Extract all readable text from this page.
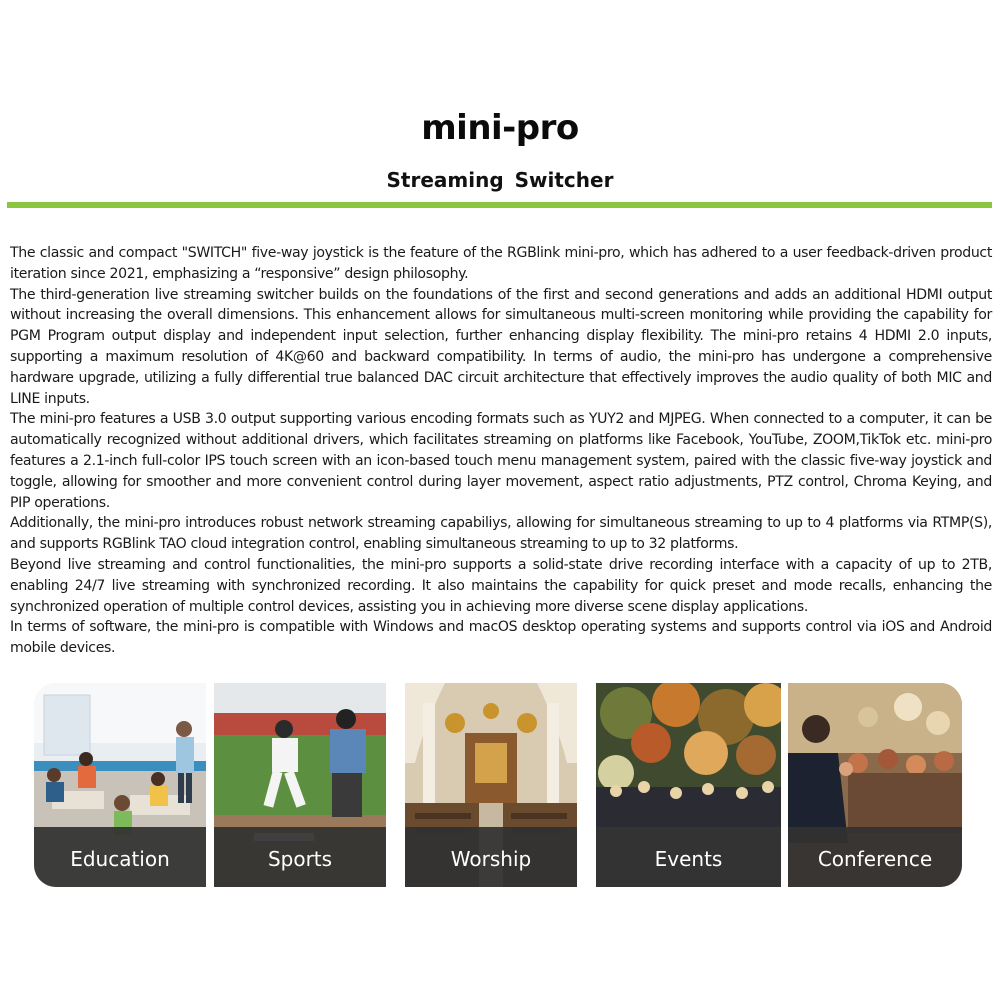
mini-pro
Streaming Switcher

The classic and compact "SWITCH" five-way joystick is the feature of the RGBlink mini-pro, which has adhered to a user feedback-driven product iteration since 2021, emphasizing a “responsive” design philosophy.

The third-generation live streaming switcher builds on the foundations of the first and second generations and adds an additional HDMI output without increasing the overall dimensions. This enhancement allows for simultaneous multi-screen monitoring while providing the capability for PGM Program output display and independent input selection, further enhancing display flexibility. The mini-pro retains 4 HDMI 2.0 inputs, supporting a maximum resolution of 4K@60 and backward compatibility. In terms of audio, the mini-pro has undergone a comprehensive hardware upgrade, utilizing a fully differential true balanced DAC circuit architecture that effectively improves the audio quality of both MIC and LINE inputs.

The mini-pro features a USB 3.0 output supporting various encoding formats such as YUY2 and MJPEG. When connected to a computer, it can be automatically recognized without additional drivers, which facilitates streaming on platforms like Facebook, YouTube, ZOOM,TikTok etc. mini-pro features a 2.1-inch full-color IPS touch screen with an icon-based touch menu management system, paired with the classic five-way joystick and toggle, allowing for smoother and more convenient control during layer movement, aspect ratio adjustments, PTZ control, Chroma Keying, and PIP operations.

Additionally, the mini-pro introduces robust network streaming capabiliys, allowing for simultaneous streaming to up to 4 platforms via RTMP(S), and supports RGBlink TAO cloud integration control, enabling simultaneous streaming to up to 32 platforms.

Beyond live streaming and control functionalities, the mini-pro supports a solid-state drive recording interface with a capacity of up to 2TB, enabling 24/7 live streaming with synchronized recording. It also maintains the capability for quick preset and mode recalls, enhancing the synchronized operation of multiple control devices, assisting you in achieving more diverse scene display applications.

In terms of software, the mini-pro is compatible with Windows and macOS desktop operating systems and supports control via iOS and Android mobile devices.

Education	Sports	Worship	Events	Conference
